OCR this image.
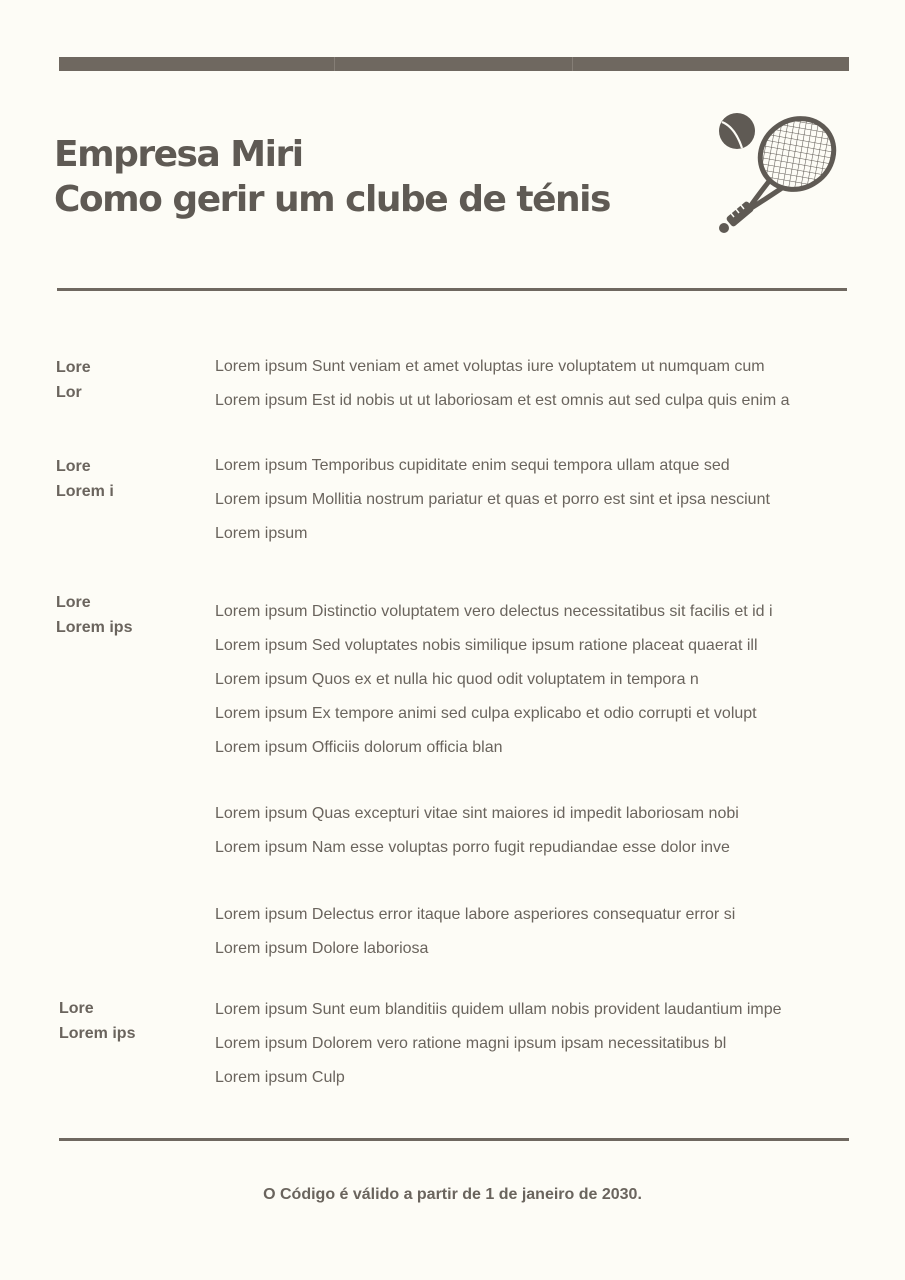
Empresa Miri
Como gerir um clube de ténis
Lore
Lor
Lorem ipsum Sunt veniam et amet voluptas iure voluptatem ut numquam cum
Lorem ipsum Est id nobis ut ut laboriosam et est omnis aut sed culpa quis enim a
Lore
Lorem i
Lorem ipsum Temporibus cupiditate enim sequi tempora ullam atque sed
Lorem ipsum Mollitia nostrum pariatur et quas et porro est sint et ipsa nesciunt
Lorem ipsum
Lore
Lorem ips
Lorem ipsum Distinctio voluptatem vero delectus necessitatibus sit facilis et id i
Lorem ipsum Sed voluptates nobis similique ipsum ratione placeat quaerat ill
Lorem ipsum Quos ex et nulla hic quod odit voluptatem in tempora n
Lorem ipsum Ex tempore animi sed culpa explicabo et odio corrupti et volupt
Lorem ipsum Officiis dolorum officia blan
Lorem ipsum Quas excepturi vitae sint maiores id impedit laboriosam nobi
Lorem ipsum Nam esse voluptas porro fugit repudiandae esse dolor inve
Lorem ipsum Delectus error itaque labore asperiores consequatur error si
Lorem ipsum Dolore laboriosa
Lore
Lorem ips
Lorem ipsum Sunt eum blanditiis quidem ullam nobis provident laudantium impe
Lorem ipsum Dolorem vero ratione magni ipsum ipsam necessitatibus bl
Lorem ipsum Culp
O Código é válido a partir de 1 de janeiro de 2030.
